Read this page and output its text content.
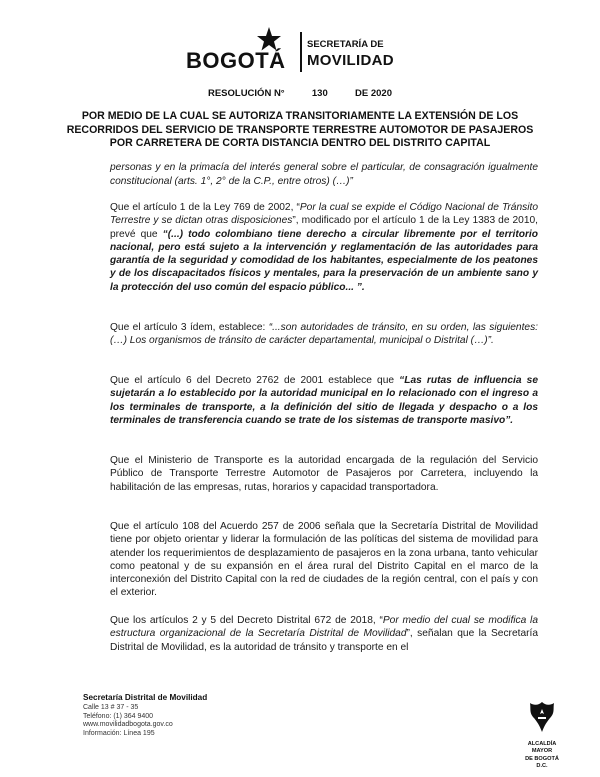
BOGOTÁ
SECRETARÍA DE
MOVILIDAD
RESOLUCIÓN N°	130	DE 2020
POR MEDIO DE LA CUAL SE AUTORIZA TRANSITORIAMENTE LA EXTENSIÓN DE LOS RECORRIDOS DEL SERVICIO DE TRANSPORTE TERRESTRE AUTOMOTOR DE PASAJEROS POR CARRETERA DE CORTA DISTANCIA DENTRO DEL DISTRITO CAPITAL
personas y en la primacía del interés general sobre el particular, de consagración igualmente constitucional (arts. 1°, 2° de la C.P., entre otros) (…)”
Que el artículo 1 de la Ley 769 de 2002, “Por la cual se expide el Código Nacional de Tránsito Terrestre y se dictan otras disposiciones”, modificado por el artículo 1 de la Ley 1383 de 2010, prevé que “(...) todo colombiano tiene derecho a circular libremente por el territorio nacional, pero está sujeto a la intervención y reglamentación de las autoridades para garantía de la seguridad y comodidad de los habitantes, especialmente de los peatones y de los discapacitados físicos y mentales, para la preservación de un ambiente sano y la protección del uso común del espacio público... ”.
Que el artículo 3 ídem, establece: “...son autoridades de tránsito, en su orden, las siguientes: (…) Los organismos de tránsito de carácter departamental, municipal o Distrital (…)”.
Que el artículo 6 del Decreto 2762 de 2001 establece que “Las rutas de influencia se sujetarán a lo establecido por la autoridad municipal en lo relacionado con el ingreso a los terminales de transporte, a la definición del sitio de llegada y despacho o a los terminales de transferencia cuando se trate de los sistemas de transporte masivo”.
Que el Ministerio de Transporte es la autoridad encargada de la regulación del Servicio Público de Transporte Terrestre Automotor de Pasajeros por Carretera, incluyendo la habilitación de las empresas, rutas, horarios y capacidad transportadora.
Que el artículo 108 del Acuerdo 257 de 2006 señala que la Secretaría Distrital de Movilidad tiene por objeto orientar y liderar la formulación de las políticas del sistema de movilidad para atender los requerimientos de desplazamiento de pasajeros en la zona urbana, tanto vehicular como peatonal y de su expansión en el área rural del Distrito Capital en el marco de la interconexión del Distrito Capital con la red de ciudades de la región central, con el país y con el exterior.
Que los artículos 2 y 5 del Decreto Distrital 672 de 2018, “Por medio del cual se modifica la estructura organizacional de la Secretaría Distrital de Movilidad”, señalan que la Secretaría Distrital de Movilidad, es la autoridad de tránsito y transporte en el
Secretaría Distrital de Movilidad
Calle 13 # 37 - 35
Teléfono: (1) 364 9400
www.movilidadbogota.gov.co
Información: Línea 195
ALCALDÍA MAYOR
DE BOGOTÁ D.C.
